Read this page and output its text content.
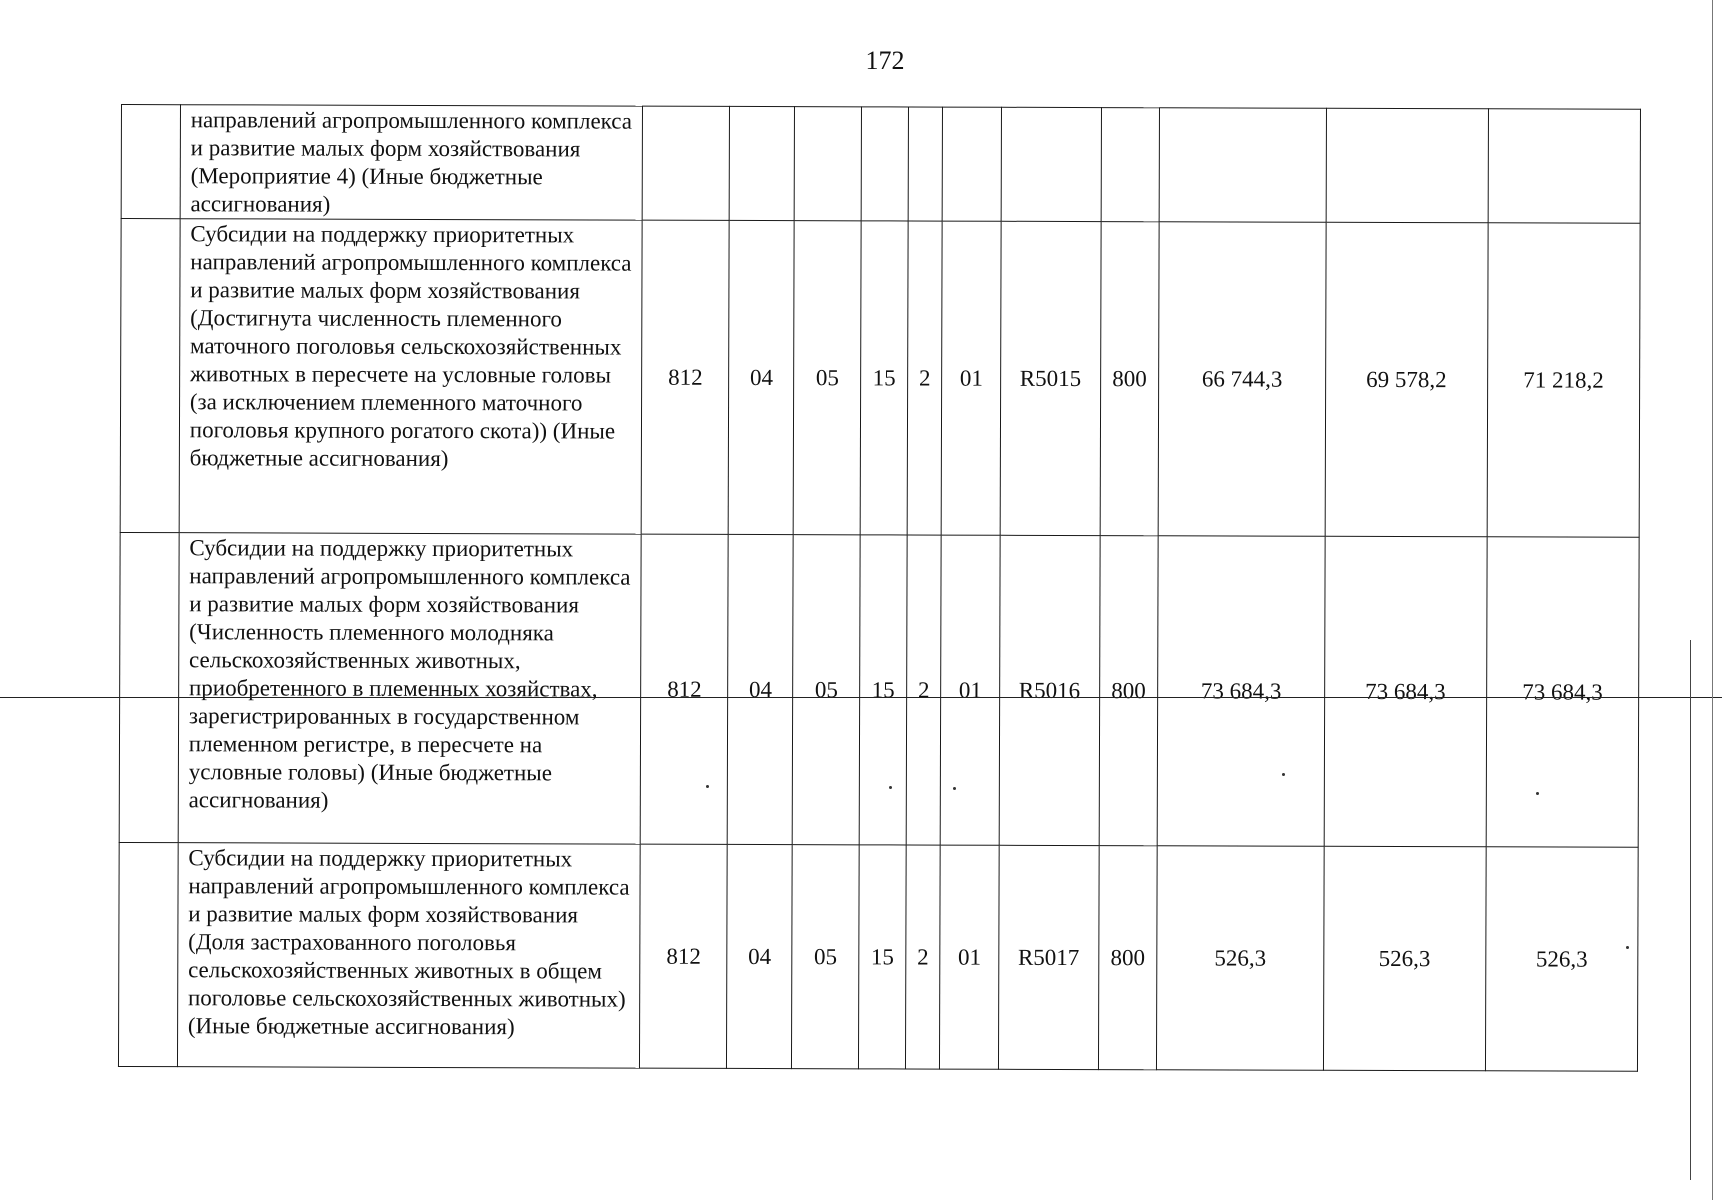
172
	направлений агропромышленного комплекса и развитие малых форм хозяйствования (Мероприятие 4) (Иные бюджетные ассигнования)											
	Субсидии на поддержку приоритетных направлений агропромышленного комплекса и развитие малых форм хозяйствования (Достигнута численность племенного маточного поголовья сельскохозяйственных животных в пересчете на условные головы (за исключением племенного маточного поголовья крупного рогатого скота)) (Иные бюджетные ассигнования)	812	04	05	15	2	01	R5015	800	66 744,3	69 578,2	71 218,2
	Субсидии на поддержку приоритетных направлений агропромышленного комплекса и развитие малых форм хозяйствования (Численность племенного молодняка сельскохозяйственных животных, приобретенного в племенных хозяйствах, зарегистрированных в государственном племенном регистре, в пересчете на условные головы) (Иные бюджетные ассигнования)	812	04	05	15	2	01	R5016	800	73 684,3	73 684,3	73 684,3
	Субсидии на поддержку приоритетных направлений агропромышленного комплекса и развитие малых форм хозяйствования (Доля застрахованного поголовья сельскохозяйственных животных в общем поголовье сельскохозяйственных животных) (Иные бюджетные ассигнования)	812	04	05	15	2	01	R5017	800	526,3	526,3	526,3
